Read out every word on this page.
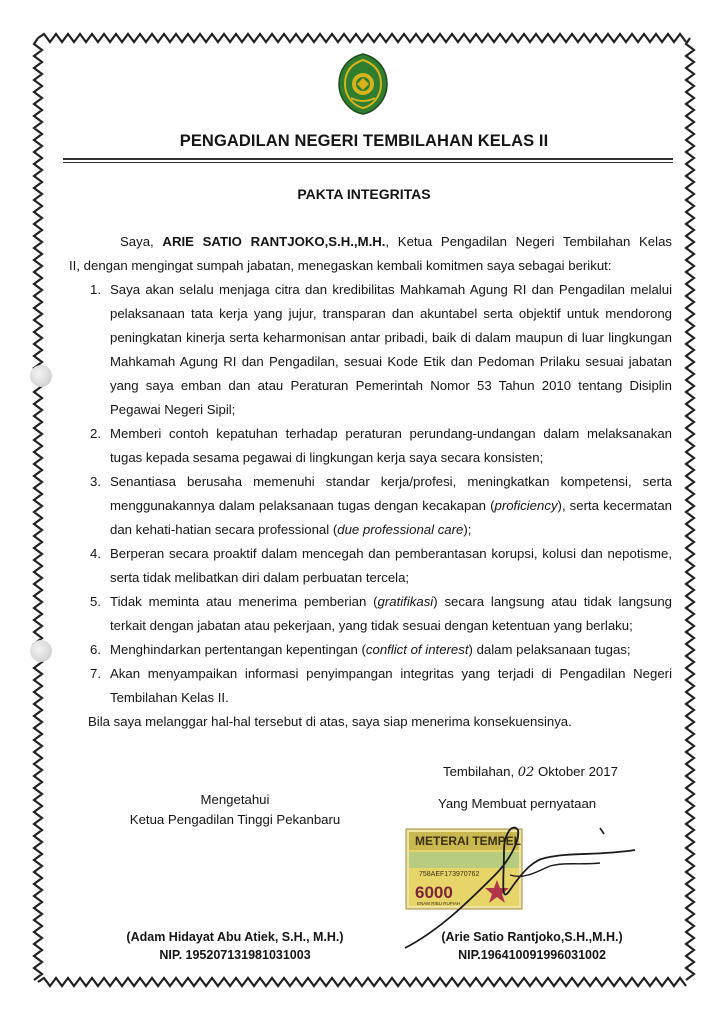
PENGADILAN NEGERI TEMBILAHAN KELAS II
PAKTA INTEGRITAS

Saya, ARIE SATIO RANTJOKO,S.H.,M.H., Ketua Pengadilan Negeri Tembilahan Kelas
II, dengan mengingat sumpah jabatan, menegaskan kembali komitmen saya sebagai berikut:

1. Saya akan selalu menjaga citra dan kredibilitas Mahkamah Agung RI dan Pengadilan melalui pelaksanaan tata kerja yang jujur, transparan dan akuntabel serta objektif untuk mendorong peningkatan kinerja serta keharmonisan antar pribadi, baik di dalam maupun di luar lingkungan Mahkamah Agung RI dan Pengadilan, sesuai Kode Etik dan Pedoman Prilaku sesuai jabatan yang saya emban dan atau Peraturan Pemerintah Nomor 53 Tahun 2010 tentang Disiplin Pegawai Negeri Sipil;
2. Memberi contoh kepatuhan terhadap peraturan perundang-undangan dalam melaksanakan tugas kepada sesama pegawai di lingkungan kerja saya secara konsisten;
3. Senantiasa berusaha memenuhi standar kerja/profesi, meningkatkan kompetensi, serta menggunakannya dalam pelaksanaan tugas dengan kecakapan (proficiency), serta kecermatan dan kehati-hatian secara professional (due professional care);
4. Berperan secara proaktif dalam mencegah dan pemberantasan korupsi, kolusi dan nepotisme, serta tidak melibatkan diri dalam perbuatan tercela;
5. Tidak meminta atau menerima pemberian (gratifikasi) secara langsung atau tidak langsung terkait dengan jabatan atau pekerjaan, yang tidak sesuai dengan ketentuan yang berlaku;
6. Menghindarkan pertentangan kepentingan (conflict of interest) dalam pelaksanaan tugas;
7. Akan menyampaikan informasi penyimpangan integritas yang terjadi di Pengadilan Negeri Tembilahan Kelas II.

Bila saya melanggar hal-hal tersebut di atas, saya siap menerima konsekuensinya.

Tembilahan, 02 Oktober 2017
Mengetahui
Ketua Pengadilan Tinggi Pekanbaru
Yang Membuat pernyataan
METERAI TEMPEL
758AEF173970762
6000
ENAM RIBU RUPIAH
(Adam Hidayat Abu Atiek, S.H., M.H.)
NIP. 195207131981031003
(Arie Satio Rantjoko,S.H.,M.H.)
NIP.196410091996031002
